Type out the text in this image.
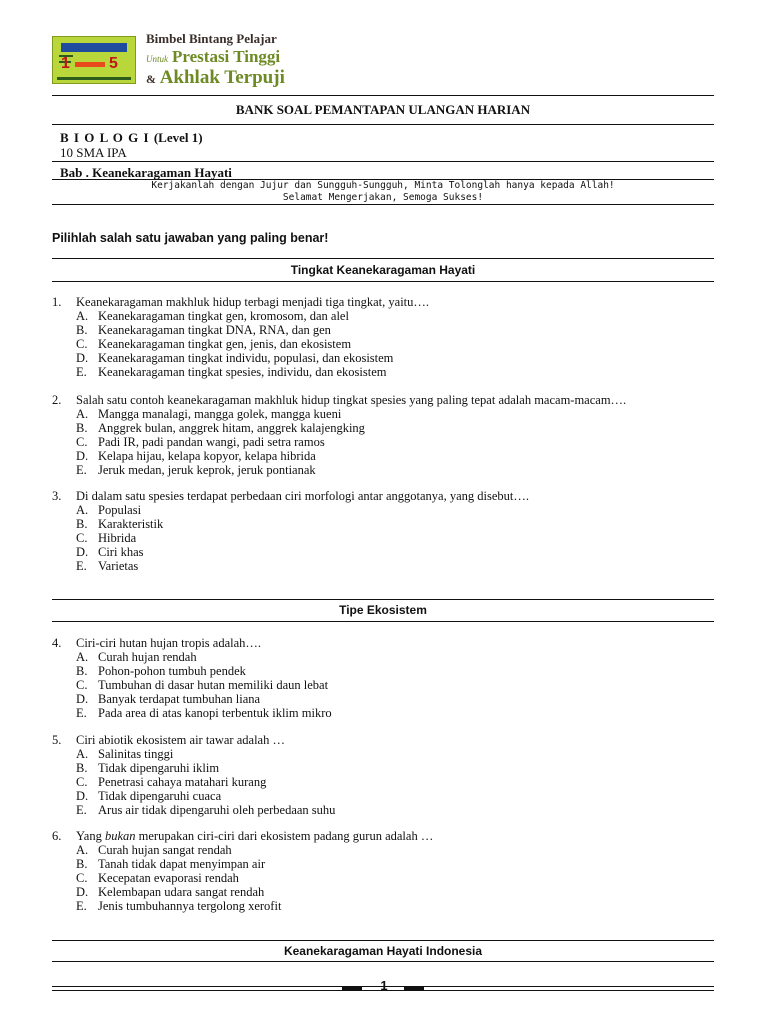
1 5
Bimbel Bintang Pelajar
Untuk Prestasi Tinggi
& Akhlak Terpuji
BANK SOAL PEMANTAPAN ULANGAN HARIAN
B I O L O G I (Level 1)
10 SMA IPA
Bab . Keanekaragaman Hayati
Kerjakanlah dengan Jujur dan Sungguh-Sungguh, Minta Tolonglah hanya kepada Allah!
Selamat Mengerjakan, Semoga Sukses!
Pilihlah salah satu jawaban yang paling benar!
Tingkat Keanekaragaman Hayati
1.	Keanekaragaman makhluk hidup terbagi menjadi tiga tingkat, yaitu….
A. Keanekaragaman tingkat gen, kromosom, dan alel
B. Keanekaragaman tingkat DNA, RNA, dan gen
C. Keanekaragaman tingkat gen, jenis, dan ekosistem
D. Keanekaragaman tingkat individu, populasi, dan ekosistem
E. Keanekaragaman tingkat spesies, individu, dan ekosistem
2.	Salah satu contoh keanekaragaman makhluk hidup tingkat spesies yang paling tepat adalah macam-macam….
A. Mangga manalagi, mangga golek, mangga kueni
B. Anggrek bulan, anggrek hitam, anggrek kalajengking
C. Padi IR, padi pandan wangi, padi setra ramos
D. Kelapa hijau, kelapa kopyor, kelapa hibrida
E. Jeruk medan, jeruk keprok, jeruk pontianak
3.	Di dalam satu spesies terdapat perbedaan ciri morfologi antar anggotanya, yang disebut….
A. Populasi
B. Karakteristik
C. Hibrida
D. Ciri khas
E. Varietas
Tipe Ekosistem
4.	Ciri-ciri hutan hujan tropis adalah….
A. Curah hujan rendah
B. Pohon-pohon tumbuh pendek
C. Tumbuhan di dasar hutan memiliki daun lebat
D. Banyak terdapat tumbuhan liana
E. Pada area di atas kanopi terbentuk iklim mikro
5.	Ciri abiotik ekosistem air tawar adalah …
A. Salinitas tinggi
B. Tidak dipengaruhi iklim
C. Penetrasi cahaya matahari kurang
D. Tidak dipengaruhi cuaca
E. Arus air tidak dipengaruhi oleh perbedaan suhu
6.	Yang bukan merupakan ciri-ciri dari ekosistem padang gurun adalah …
A. Curah hujan sangat rendah
B. Tanah tidak dapat menyimpan air
C. Kecepatan evaporasi rendah
D. Kelembapan udara sangat rendah
E. Jenis tumbuhannya tergolong xerofit
Keanekaragaman Hayati Indonesia
1
